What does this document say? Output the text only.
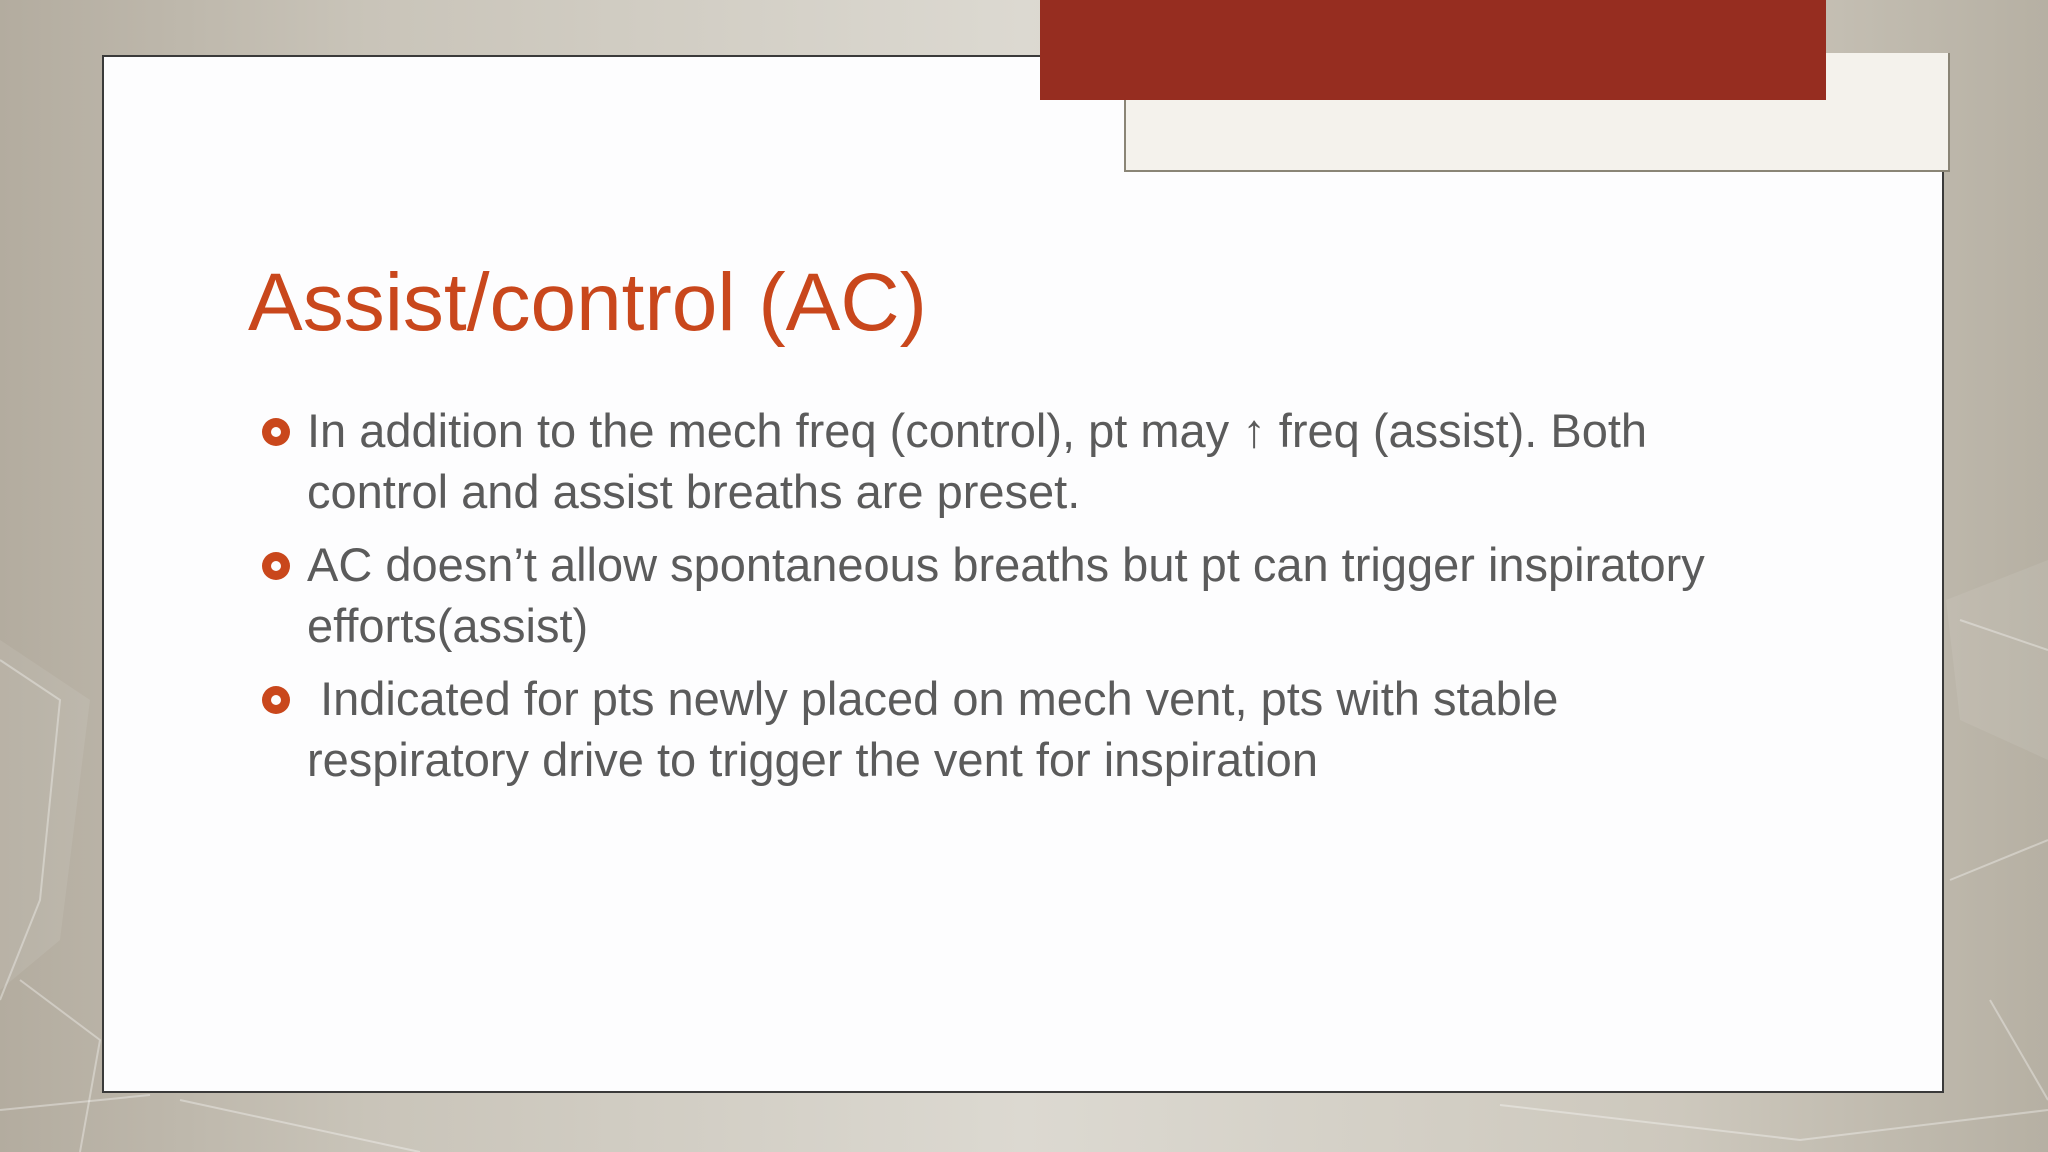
Assist/control (AC)
In addition to the mech freq (control), pt may ↑ freq (assist). Both control and assist breaths are preset.
AC doesn’t allow spontaneous breaths but pt can trigger inspiratory efforts(assist)
Indicated for pts newly placed on mech vent, pts with stable respiratory drive to trigger the vent for inspiration
